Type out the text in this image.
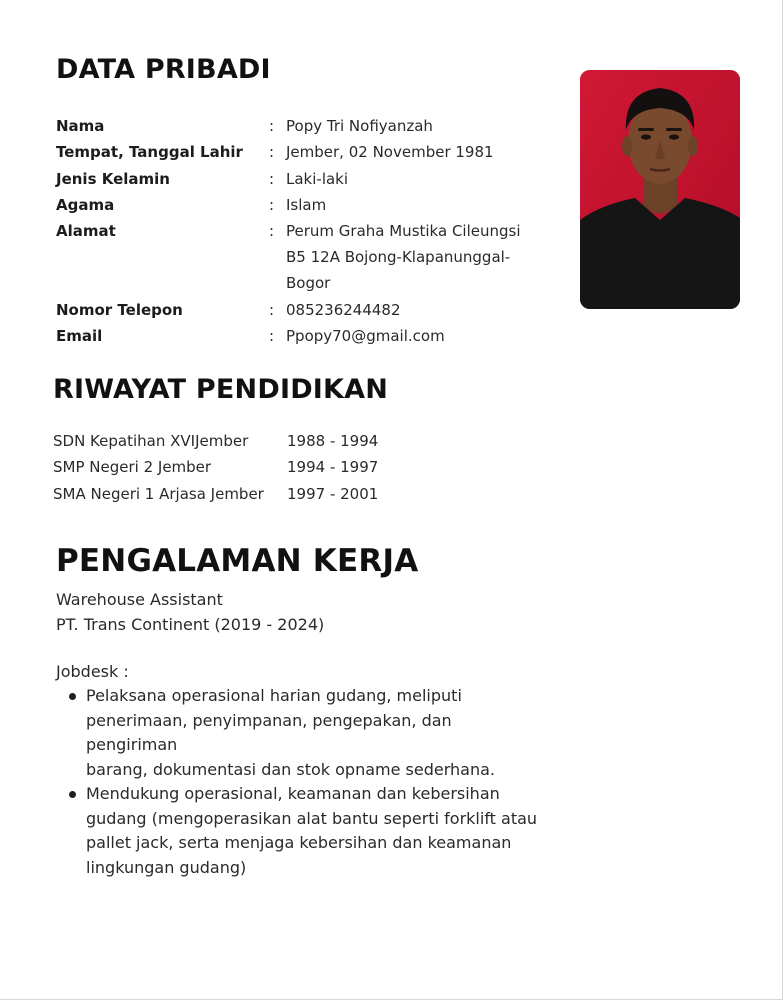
DATA PRIBADI
Nama	: Popy Tri Nofiyanzah
Tempat, Tanggal Lahir : Jember, 02 November 1981
Jenis Kelamin	: Laki-laki
Agama	: Islam
Alamat	: Perum Graha Mustika Cileungsi
B5 12A Bojong-Klapanunggal-
Bogor
Nomor Telepon	: 085236244482
Email	: Ppopy70@gmail.com
RIWAYAT PENDIDIKAN
SDN Kepatihan XVIJember	1988 - 1994
SMP Negeri 2 Jember	1994 - 1997
SMA Negeri 1 Arjasa Jember 1997 - 2001
PENGALAMAN KERJA
Warehouse Assistant
PT. Trans Continent (2019 - 2024)
Jobdesk :
Pelaksana operasional harian gudang, meliputi
penerimaan, penyimpanan, pengepakan, dan pengiriman
barang, dokumentasi dan stok opname sederhana.
Mendukung operasional, keamanan dan kebersihan
gudang (mengoperasikan alat bantu seperti forklift atau
pallet jack, serta menjaga kebersihan dan keamanan
lingkungan gudang)
